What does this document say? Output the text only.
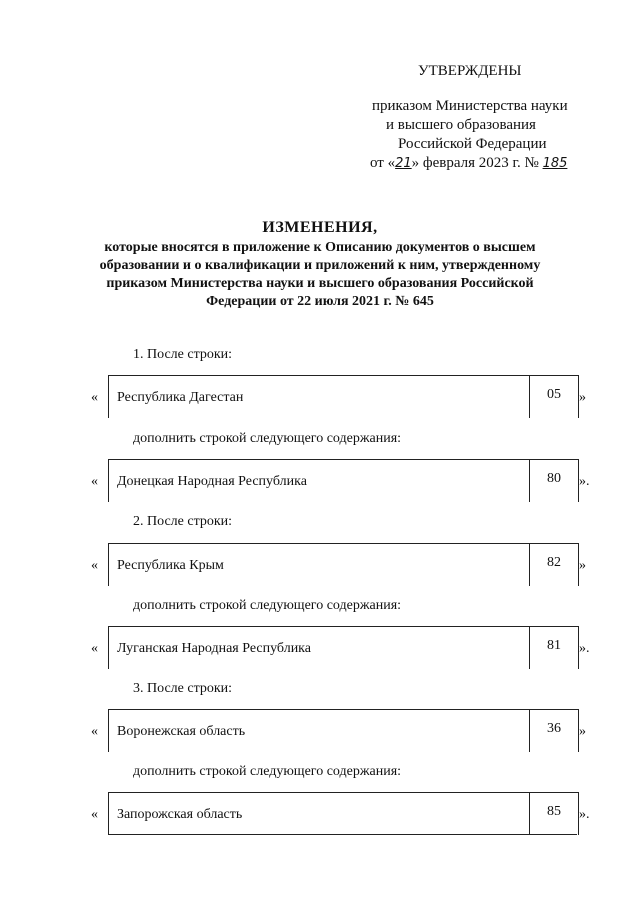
УТВЕРЖДЕНЫ
приказом Министерства науки
и высшего образования
Российской Федерации
от «21» февраля 2023 г. № 185
ИЗМЕНЕНИЯ,
которые вносятся в приложение к Описанию документов о высшем
образовании и о квалификации и приложений к ним, утвержденному
приказом Министерства науки и высшего образования Российской
Федерации от 22 июля 2021 г. № 645
1. После строки:
« Республика Дагестан	05	»
дополнить строкой следующего содержания:
« Донецкая Народная Республика	80	».
2. После строки:
« Республика Крым	82	»
дополнить строкой следующего содержания:
« Луганская Народная Республика	81	».
3. После строки:
« Воронежская область	36	»
дополнить строкой следующего содержания:
« Запорожская область	85	».
